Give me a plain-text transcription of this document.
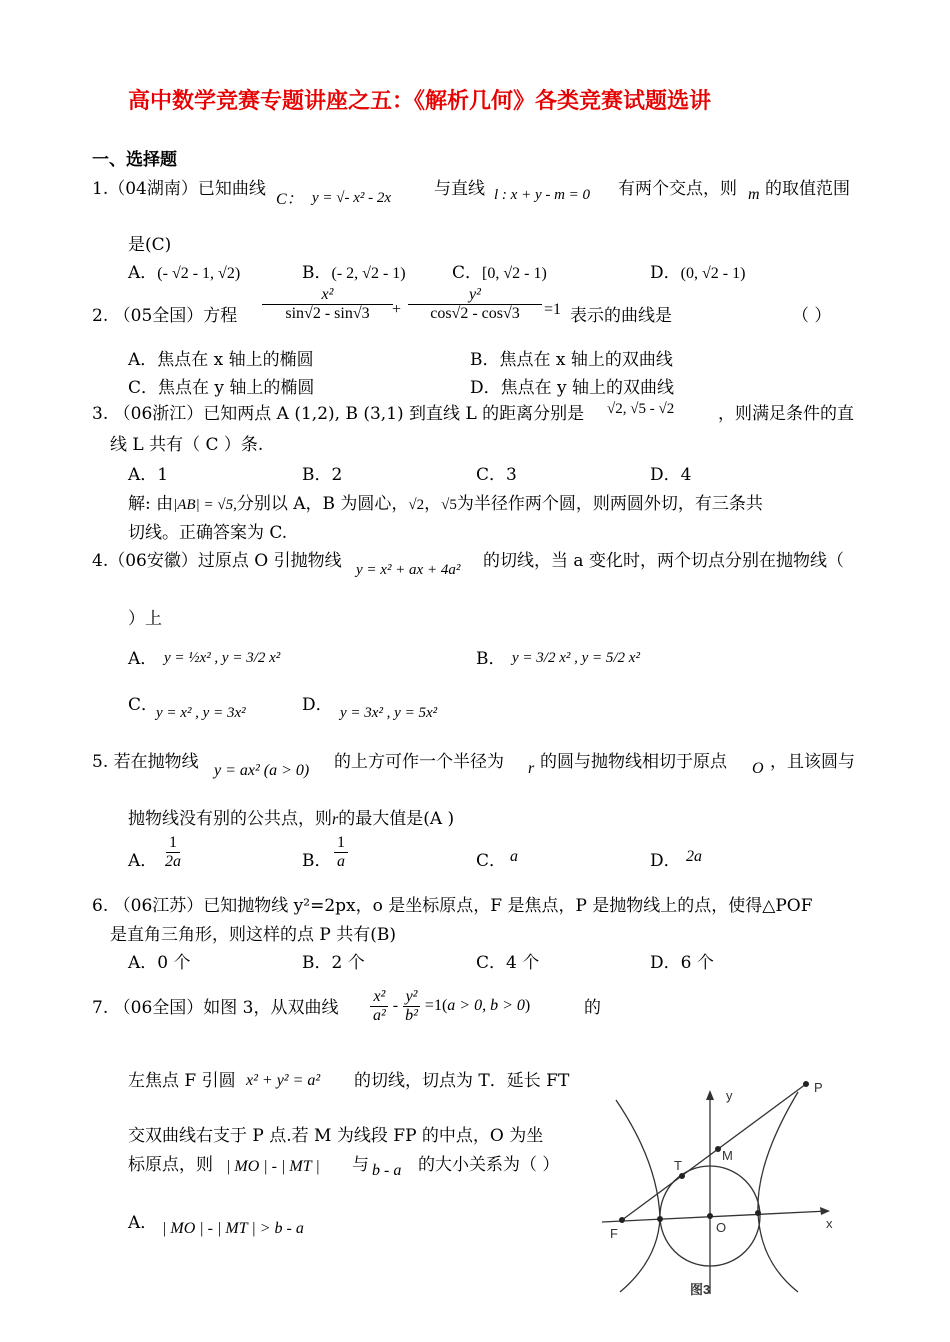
高中数学竞赛专题讲座之五：《解析几何》各类竞赛试题选讲
一、选择题
1.（04湖南）已知曲线
C： y = √- x² - 2x	与直线 l : x + y - m = 0 有两个交点，则 m 的取值范围
是(C)
A．(- √2 - 1, √2)	B．(- 2, √2 - 1)	C．[0, √2 - 1)	D．(0, √2 - 1)
2. （05全国）方程 $\frac{\text{x²}}{\sin√2 - \sin√3} + \frac{\text{y²}}{\cos√2 - \cos√3} =1$ 表示的曲线是	（ ）
A．焦点在 x 轴上的椭圆	B．焦点在 x 轴上的双曲线
C．焦点在 y 轴上的椭圆	D．焦点在 y 轴上的双曲线
3. （06浙江）已知两点 A (1,2), B (3,1) 到直线 L 的距离分别是 √2, √5 - √2	，则满足条件的直
线 L 共有（ C ）条.
A．1	B．2	C．3	D．4
解: 由|AB| = √5,分别以 A，B 为圆心，√2，√5为半径作两个圆，则两圆外切，有三条共
切线。正确答案为 C.
4.（06安徽）过原点 O 引抛物线 y = x² + ax + 4a² 的切线，当 a 变化时，两个切点分别在抛物线（
）上
A． y = ½x² , y = 3/2 x²	B． y = 3/2 x² , y = 5/2 x²
C．
y = x² , y = 3x²	D． y = 3x² , y = 5x²
5. 若在抛物线 y = ax² (a > 0) 的上方可作一个半径为 r 的圆与抛物线相切于原点 O ，且该圆与
抛物线没有别的公共点，则r的最大值是(A )
A． $\frac{1}{2a}$	B． $\frac{1}{a}$	C． a	D． 2a
6. （06江苏）已知抛物线 y²=2px，o 是坐标原点，F 是焦点，P 是抛物线上的点，使得△POF
是直角三角形，则这样的点 P 共有(B)
A．0 个	B．2 个	C．4 个	D．6 个
7. （06全国）如图 3，从双曲线 $\frac{\text{x²}}{\text{a²}} - \frac{\text{y²}}{\text{b²}} =1(a > 0$, b > 0)	的
左焦点 F 引圆 x² + y² = a² 的切线，切点为 T．延长 FT
交双曲线右支于 P 点.若 M 为线段 FP 的中点，O 为坐
标原点，则 | MO | - | MT | 与 b - a 的大小关系为（ ）
A． | MO | - | MT | > b - a
y
x
P
T
M
O
F
图3
